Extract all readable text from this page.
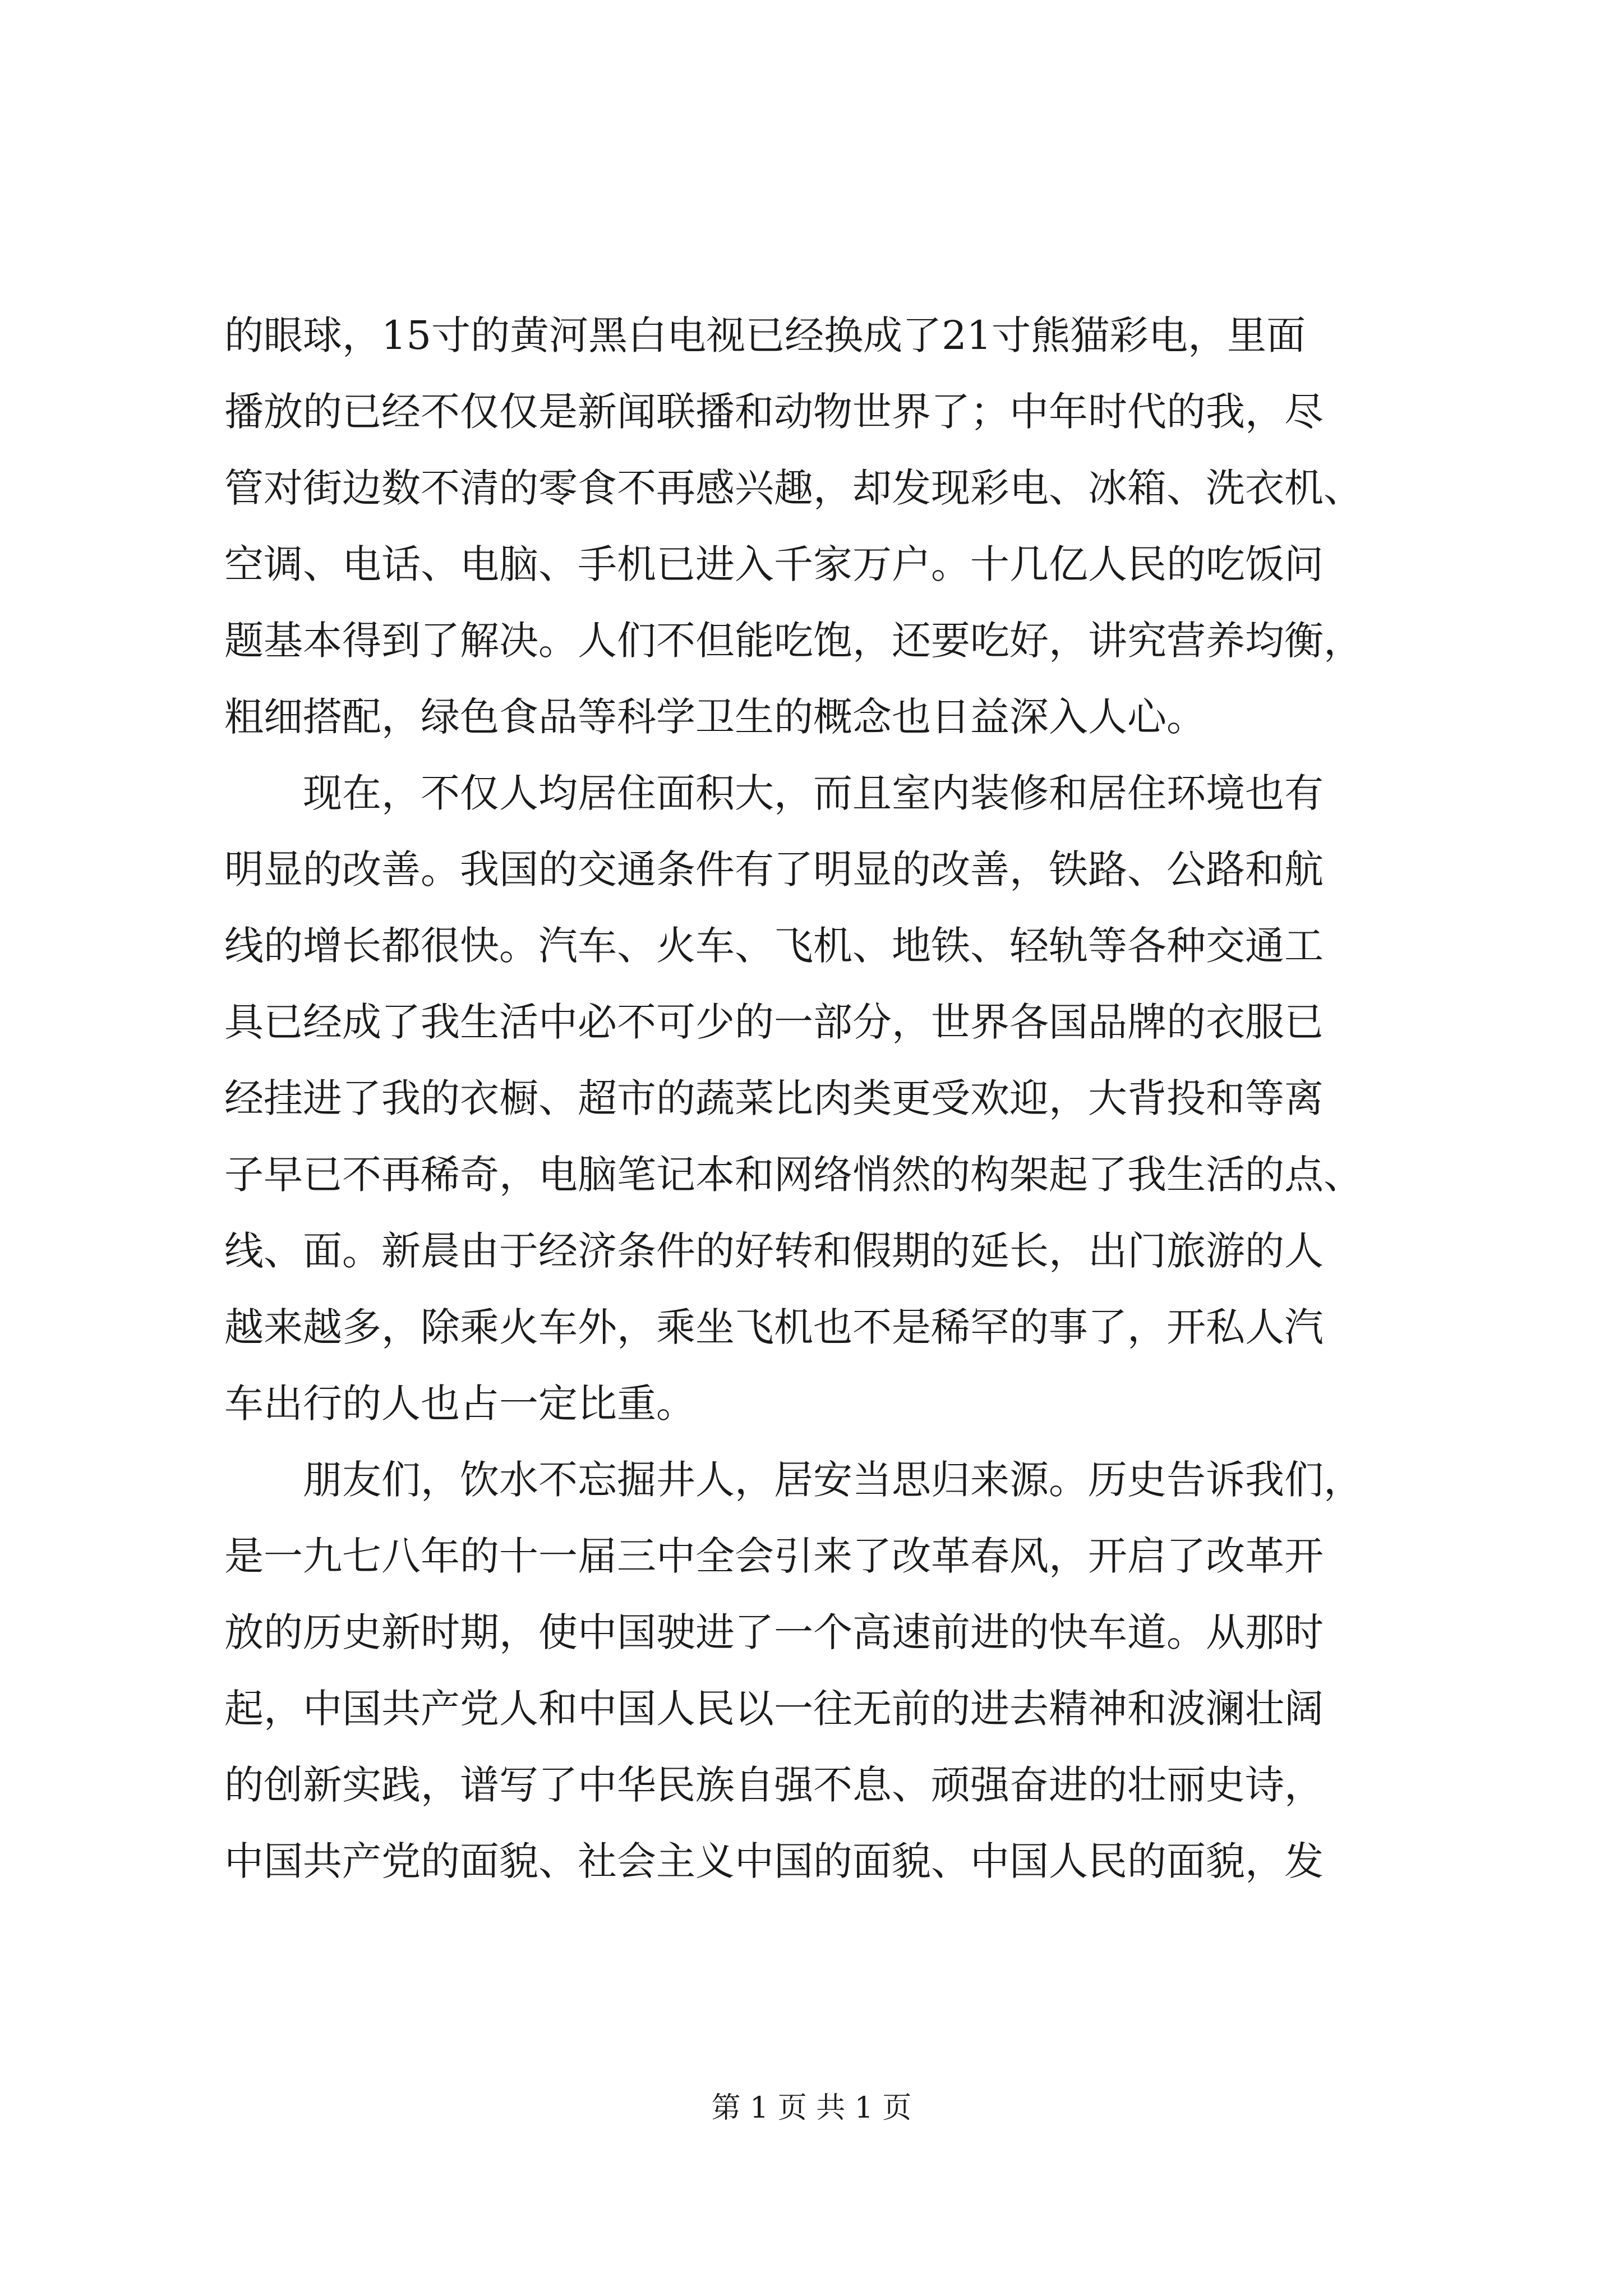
的眼球，15寸的黄河黑白电视已经换成了21寸熊猫彩电，里面
播放的已经不仅仅是新闻联播和动物世界了；中年时代的我，尽
管对街边数不清的零食不再感兴趣，却发现彩电、冰箱、洗衣机、
空调、电话、电脑、手机已进入千家万户。十几亿人民的吃饭问
题基本得到了解决。人们不但能吃饱，还要吃好，讲究营养均衡，
粗细搭配，绿色食品等科学卫生的概念也日益深入人心。
　　现在，不仅人均居住面积大，而且室内装修和居住环境也有
明显的改善。我国的交通条件有了明显的改善，铁路、公路和航
线的增长都很快。汽车、火车、飞机、地铁、轻轨等各种交通工
具已经成了我生活中必不可少的一部分，世界各国品牌的衣服已
经挂进了我的衣橱、超市的蔬菜比肉类更受欢迎，大背投和等离
子早已不再稀奇，电脑笔记本和网络悄然的构架起了我生活的点、
线、面。新晨由于经济条件的好转和假期的延长，出门旅游的人
越来越多，除乘火车外，乘坐飞机也不是稀罕的事了，开私人汽
车出行的人也占一定比重。
　　朋友们，饮水不忘掘井人，居安当思归来源。历史告诉我们，
是一九七八年的十一届三中全会引来了改革春风，开启了改革开
放的历史新时期，使中国驶进了一个高速前进的快车道。从那时
起，中国共产党人和中国人民以一往无前的进去精神和波澜壮阔
的创新实践，谱写了中华民族自强不息、顽强奋进的壮丽史诗，
中国共产党的面貌、社会主义中国的面貌、中国人民的面貌，发
第 1 页 共 1 页
